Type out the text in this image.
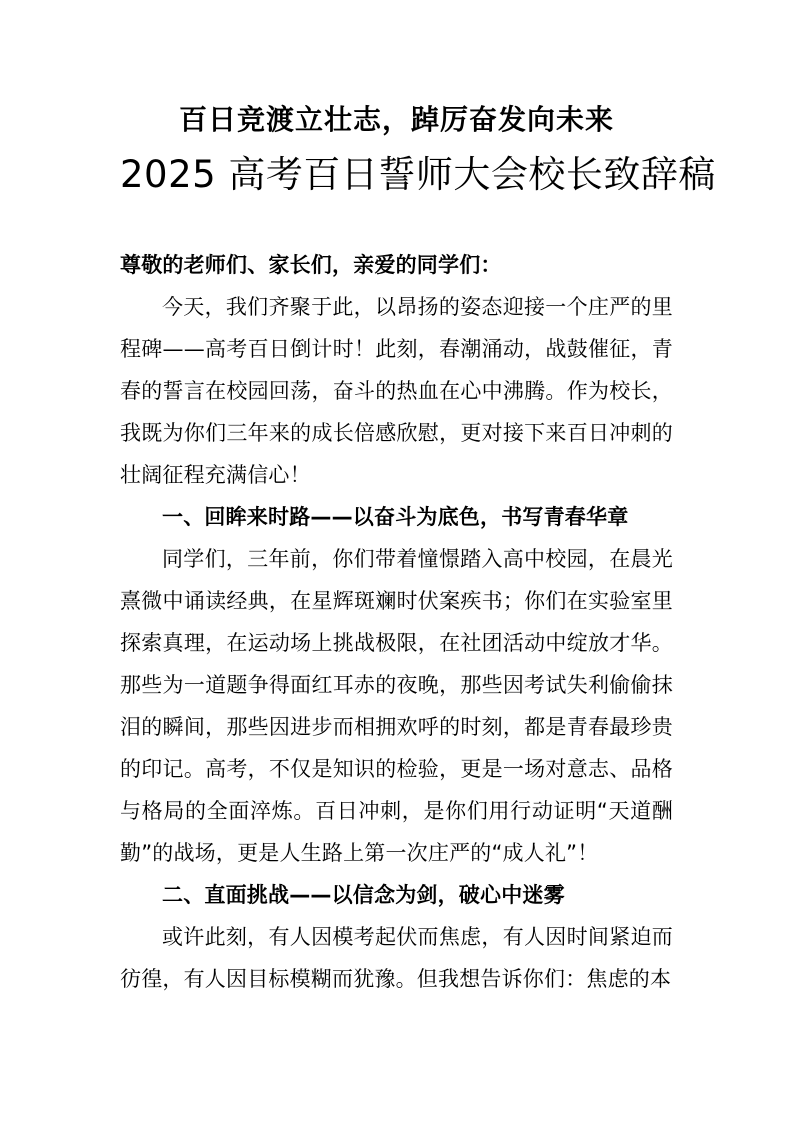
百日竞渡立壮志，踔厉奋发向未来
2025 高考百日誓师大会校长致辞稿

尊敬的老师们、家长们，亲爱的同学们：

今天，我们齐聚于此，以昂扬的姿态迎接一个庄严的里程碑——高考百日倒计时！此刻，春潮涌动，战鼓催征，青春的誓言在校园回荡，奋斗的热血在心中沸腾。作为校长，我既为你们三年来的成长倍感欣慰，更对接下来百日冲刺的壮阔征程充满信心！

一、回眸来时路——以奋斗为底色，书写青春华章

同学们，三年前，你们带着憧憬踏入高中校园，在晨光熹微中诵读经典，在星辉斑斓时伏案疾书；你们在实验室里探索真理，在运动场上挑战极限，在社团活动中绽放才华。那些为一道题争得面红耳赤的夜晚，那些因考试失利偷偷抹泪的瞬间，那些因进步而相拥欢呼的时刻，都是青春最珍贵的印记。高考，不仅是知识的检验，更是一场对意志、品格与格局的全面淬炼。百日冲刺，是你们用行动证明“天道酬勤”的战场，更是人生路上第一次庄严的“成人礼”！

二、直面挑战——以信念为剑，破心中迷雾

或许此刻，有人因模考起伏而焦虑，有人因时间紧迫而彷徨，有人因目标模糊而犹豫。但我想告诉你们：焦虑的本
